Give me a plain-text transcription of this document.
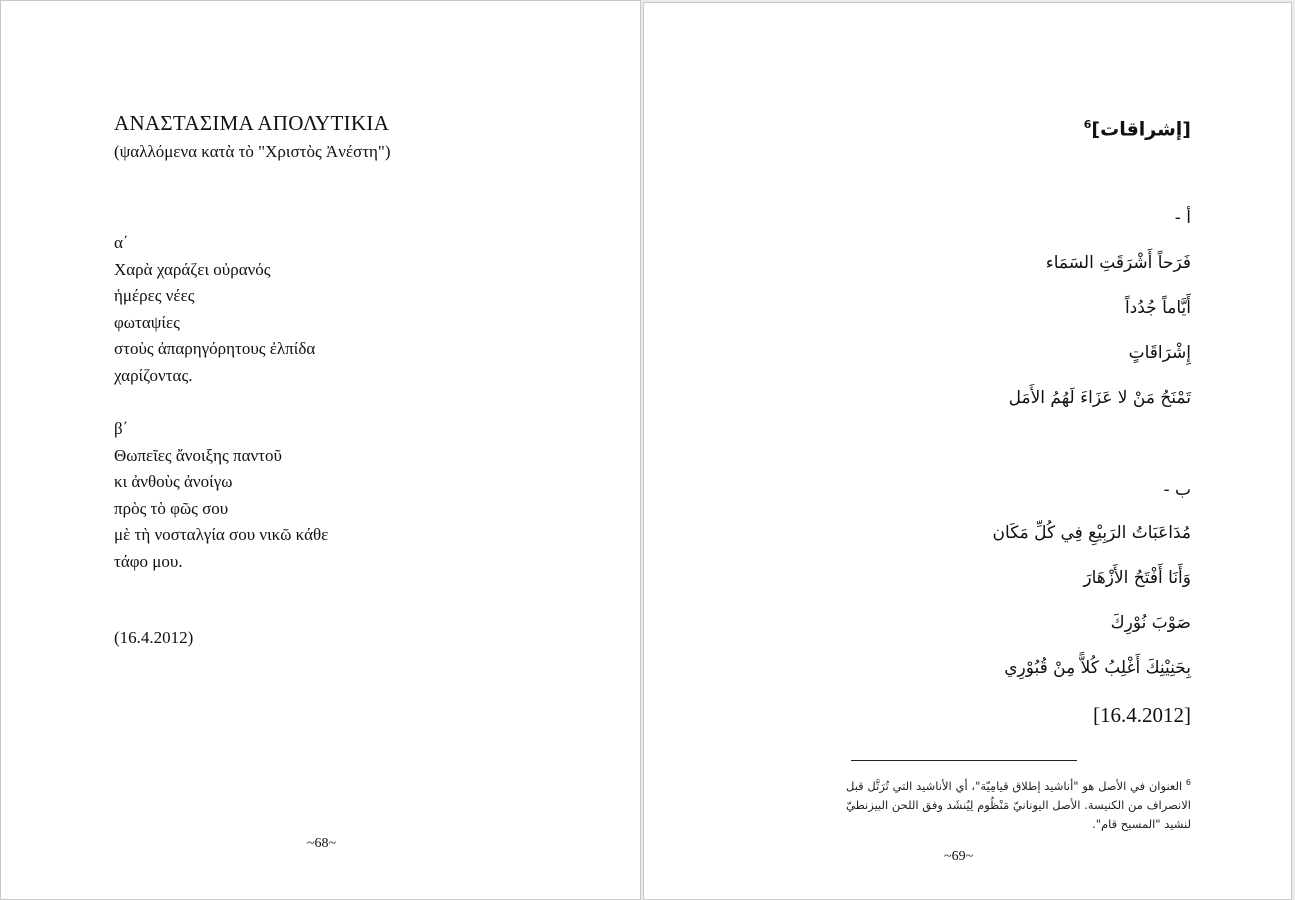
ΑΝΑΣΤΑΣΙΜΑ ΑΠΟΛΥΤΙΚΙΑ
(ψαλλόμενα κατὰ τὸ "Χριστὸς Ἀνέστη")
α΄
Χαρὰ χαράζει οὐρανός
ἡμέρες νέες
φωταψίες
στοὺς ἀπαρηγόρητους ἐλπίδα
χαρίζοντας.
β΄
Θωπεῖες ἄνοιξης παντοῦ
κι ἀνθοὺς ἀνοίγω
πρὸς τὸ φῶς σου
μὲ τὴ νοσταλγία σου νικῶ κάθε
τάφο μου.
(16.4.2012)
~68~
[إشراقات]$^6$
أ -
فَرَحاً أَشْرَقَتِ السَمَاء
أَيَّاماً جُدُداً
إِشْرَاقَاتٍ
تَمْنَحُ مَنْ لا عَزَاءَ لَهُمُ الأَمَل
ب -
مُدَاعَبَاتُ الرَبِيْعِ فِي كُلِّ مَكَان
وَأَنَا أَفْتَحُ الأَزْهَارَ
صَوْبَ نُوْرِكَ
بِحَنِيْنِكَ أَغْلِبُ كُلاًّ مِنْ قُبُوْرِي
[16.4.2012]
$^6$ العنوان في الأصل هو "أناشيد إطلاق قيامِيّة"، أي الأناشيد التي تُرَتَّل قبل الانصراف من الكنيسة. الأصل اليونانيّ مَنْظُوم لِيُنشَد وفق اللحن البيزنطيّ لنشيد "المسيح قام".
~69~
